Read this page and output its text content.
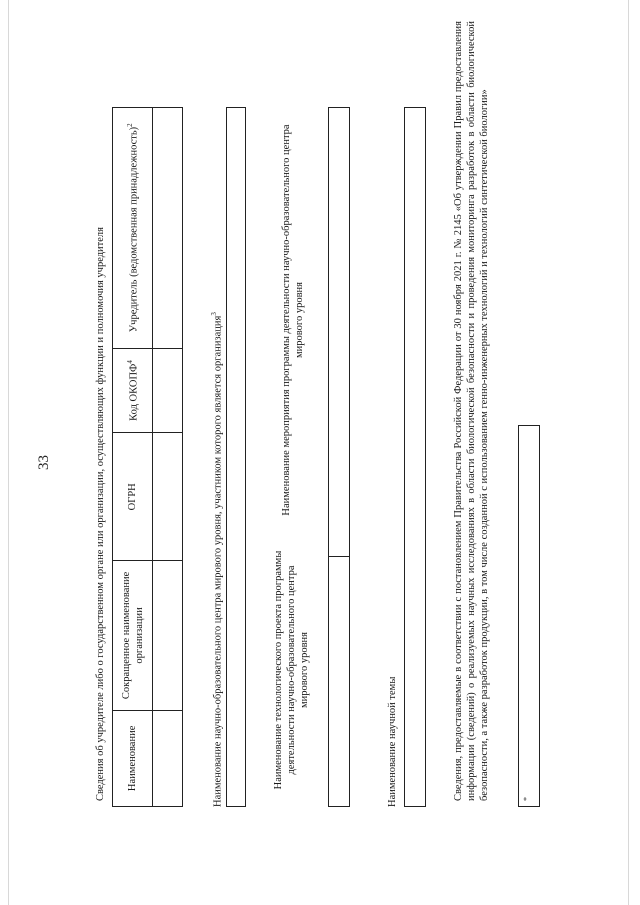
33	Сведения об учредителе либо о государственном органе или организации, осуществляющих функции и полномочия учредителя Наименование	Сокращенное наименование организации	ОГРН	Код ОКОПФ$^4$	Учредитель (ведомственная принадлежность)$^2$

Наименование научно-образовательного центра мирового уровня, участником которого является организация$^3$
Наименование технологического проекта программы деятельности научно-образовательного центра мирового уровня
Наименование мероприятия программы деятельности научно-образовательного центра мирового уровня
Наименование научной темы	Сведения, предоставляемые в соответствии с постановлением Правительства Российской Федерации от 30 ноября 2021 г. № 2145 «Об утверждении Правил предоставления информации (сведений) о реализуемых научных исследованиях в области биологической безопасности и проведения мониторинга разработок в области биологической безопасности, а также разработок продукции, в том числе созданной с использованием генно-инженерных технологий и технологий синтетической биологии»	*
